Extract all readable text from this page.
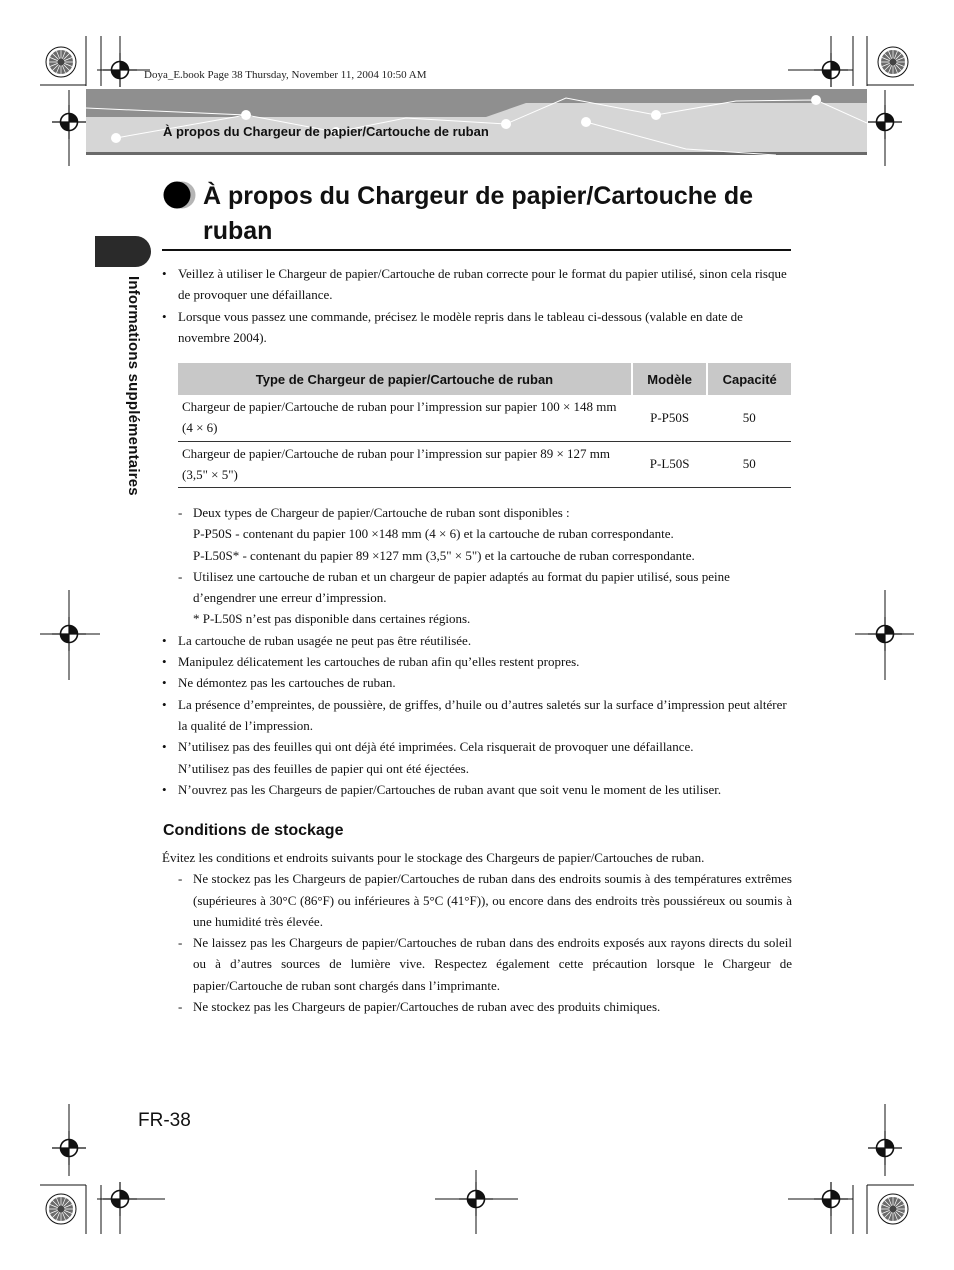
Doya_E.book Page 38 Thursday, November 11, 2004 10:50 AM
À propos du Chargeur de papier/Cartouche de ruban
Informations supplémentaires
À propos du Chargeur de papier/Cartouche de ruban
• Veillez à utiliser le Chargeur de papier/Cartouche de ruban correcte pour le format du papier utilisé, sinon cela risque de provoquer une défaillance.
• Lorsque vous passez une commande, précisez le modèle repris dans le tableau ci-dessous (valable en date de novembre 2004).
Type de Chargeur de papier/Cartouche de ruban	Modèle	Capacité
Chargeur de papier/Cartouche de ruban pour l’impression sur papier 100 × 148 mm (4 × 6)	P-P50S	50
Chargeur de papier/Cartouche de ruban pour l’impression sur papier 89 × 127 mm (3,5" × 5")	P-L50S	50
- Deux types de Chargeur de papier/Cartouche de ruban sont disponibles :
P-P50S - contenant du papier 100 ×148 mm (4 × 6) et la cartouche de ruban correspondante.
P-L50S* - contenant du papier 89 ×127 mm (3,5" × 5") et la cartouche de ruban correspondante.
- Utilisez une cartouche de ruban et un chargeur de papier adaptés au format du papier utilisé, sous peine d’engendrer une erreur d’impression.
* P-L50S n’est pas disponible dans certaines régions.
• La cartouche de ruban usagée ne peut pas être réutilisée.
• Manipulez délicatement les cartouches de ruban afin qu’elles restent propres.
• Ne démontez pas les cartouches de ruban.
• La présence d’empreintes, de poussière, de griffes, d’huile ou d’autres saletés sur la surface d’impression peut altérer la qualité de l’impression.
• N’utilisez pas des feuilles qui ont déjà été imprimées. Cela risquerait de provoquer une défaillance.
N’utilisez pas des feuilles de papier qui ont été éjectées.
• N’ouvrez pas les Chargeurs de papier/Cartouches de ruban avant que soit venu le moment de les utiliser.
Conditions de stockage
Évitez les conditions et endroits suivants pour le stockage des Chargeurs de papier/Cartouches de ruban.
- Ne stockez pas les Chargeurs de papier/Cartouches de ruban dans des endroits soumis à des températures extrêmes (supérieures à 30°C (86°F) ou inférieures à 5°C (41°F)), ou encore dans des endroits très poussiéreux ou soumis à une humidité très élevée.
- Ne laissez pas les Chargeurs de papier/Cartouches de ruban dans des endroits exposés aux rayons directs du soleil ou à d’autres sources de lumière vive. Respectez également cette précaution lorsque le Chargeur de papier/Cartouche de ruban sont chargés dans l’imprimante.
- Ne stockez pas les Chargeurs de papier/Cartouches de ruban avec des produits chimiques.
FR-38
